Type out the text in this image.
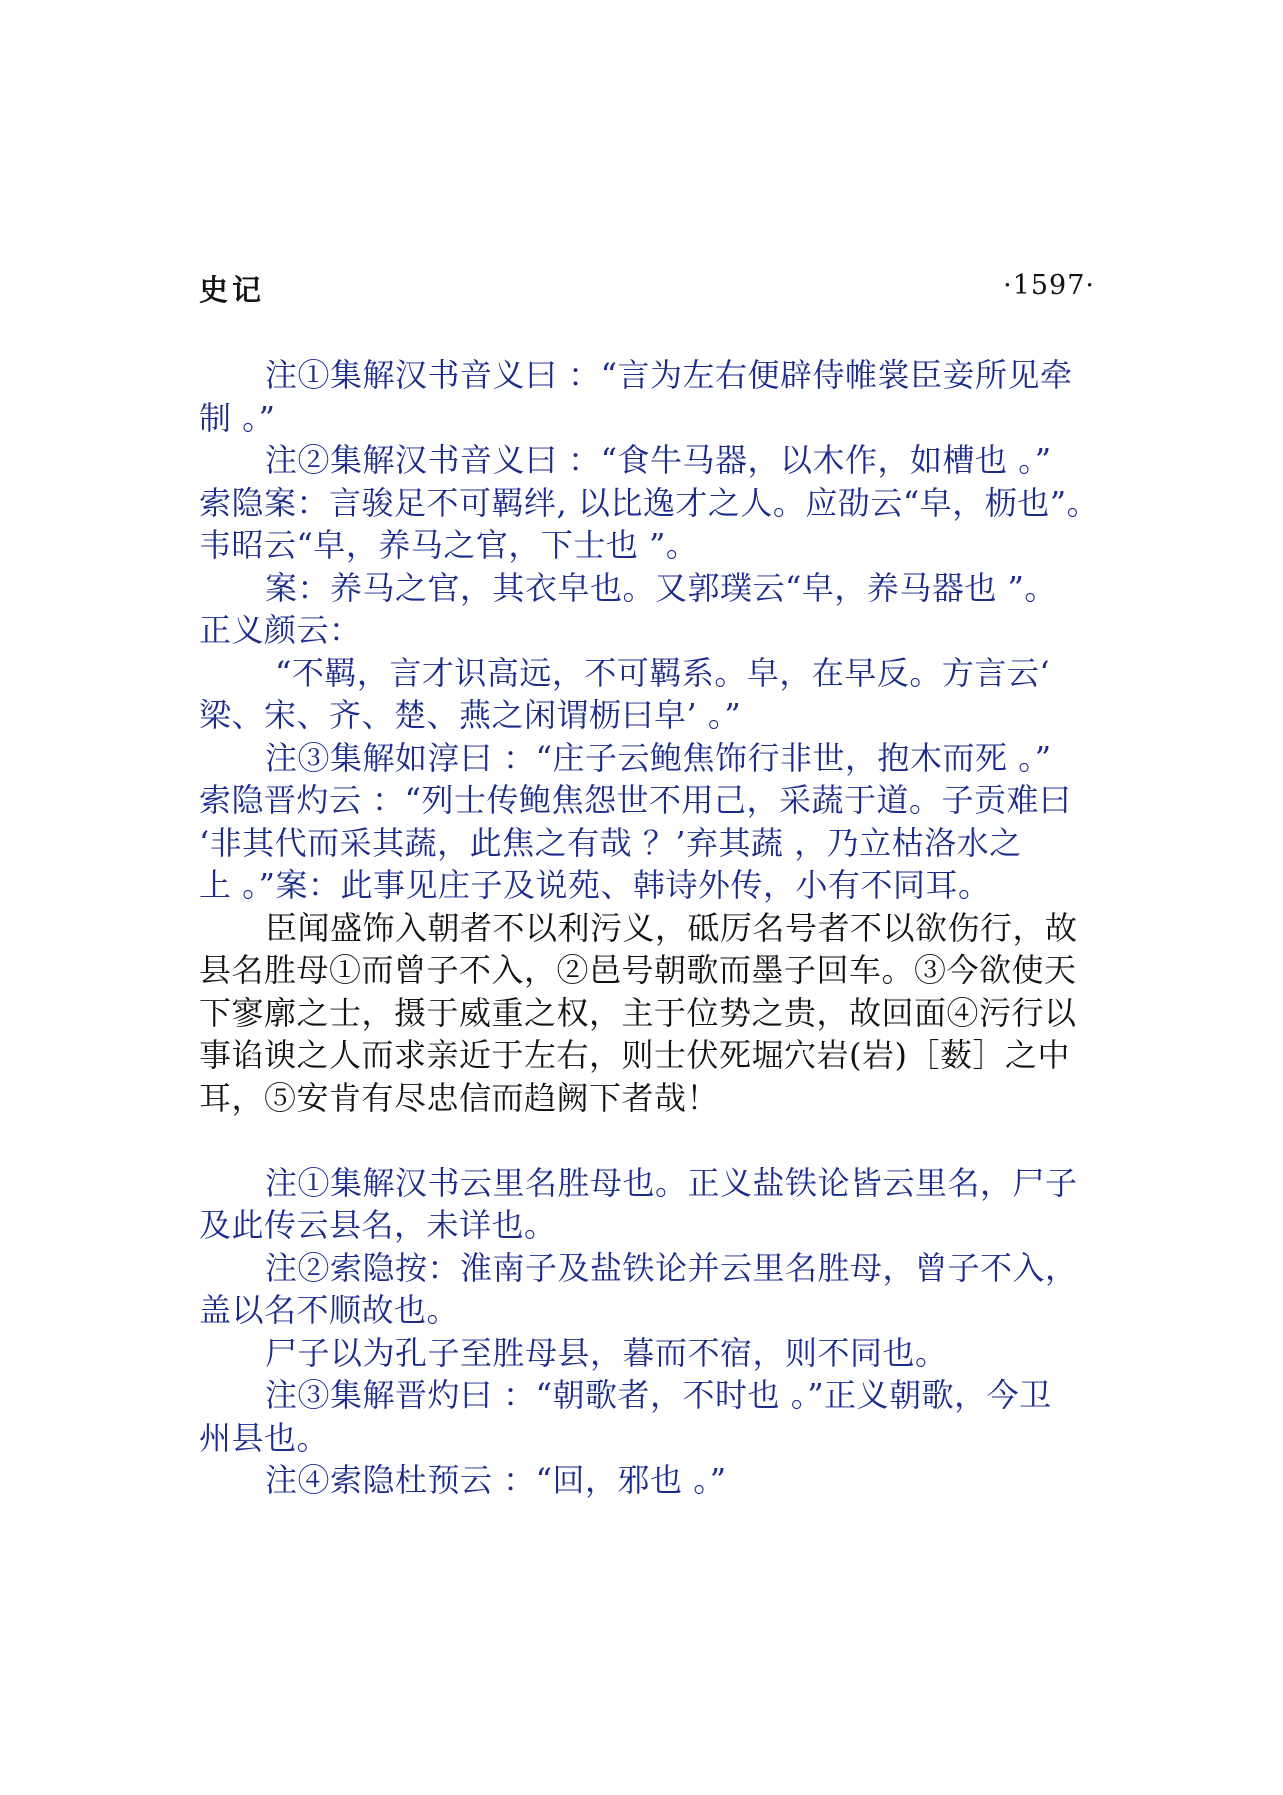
史记	·1597·
注①集解汉书音义曰 ：“言为左右便辟侍帷裳臣妾所见牵
制 。”
注②集解汉书音义曰 ：“食牛马器，以木作，如槽也 。”
索隐案：言骏足不可羁绊, 以比逸才之人。应劭云“皁，枥也”。
韦昭云“皁，养马之官，下士也 ”。
案：养马之官，其衣皁也。又郭璞云“皁，养马器也 ”。
正义颜云：
“不羁，言才识高远，不可羁系。皁，在早反。方言云‘
梁、宋、齐、楚、燕之闲谓枥曰皁’ 。”
注③集解如淳曰 ：“庄子云鲍焦饰行非世，抱木而死 。”
索隐晋灼云 ：“列士传鲍焦怨世不用己，采蔬于道。子贡难曰
‘非其代而采其蔬，此焦之有哉 ？’弃其蔬 ，乃立枯洛水之
上 。”案：此事见庄子及说苑、韩诗外传，小有不同耳。
臣闻盛饰入朝者不以利污义，砥厉名号者不以欲伤行，故
县名胜母①而曾子不入，②邑号朝歌而墨子回车。③今欲使天
下寥廓之士，摄于威重之权，主于位势之贵，故回面④污行以
事谄谀之人而求亲近于左右，则士伏死堀穴岩(岩)［薮］之中
耳，⑤安肯有尽忠信而趋阙下者哉！
注①集解汉书云里名胜母也。正义盐铁论皆云里名，尸子
及此传云县名，未详也。
注②索隐按：淮南子及盐铁论并云里名胜母，曾子不入，
盖以名不顺故也。
尸子以为孔子至胜母县，暮而不宿，则不同也。
注③集解晋灼曰 ：“朝歌者，不时也 。”正义朝歌，今卫
州县也。
注④索隐杜预云 ：“回，邪也 。”
